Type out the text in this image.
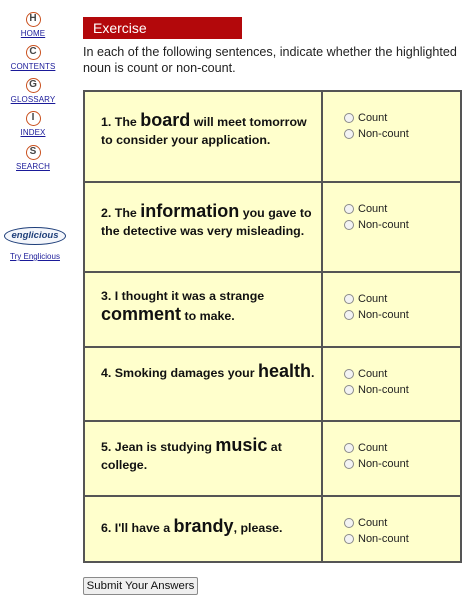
H
HOME
C
CONTENTS
G
GLOSSARY
I
INDEX
S
SEARCH
englicious
Try Englicious
Exercise
In each of the following sentences, indicate whether the highlighted noun is count or non-count.
1. The board will meet tomorrow to consider your application.	Count
Non-count

2. The information you gave to the detective was very misleading.	Count
Non-count

3. I thought it was a strange comment to make.	Count
Non-count

4. Smoking damages your health.	Count
Non-count

5. Jean is studying music at college.	Count
Non-count

6. I'll have a brandy, please.	Count
Non-count
Submit Your Answers
